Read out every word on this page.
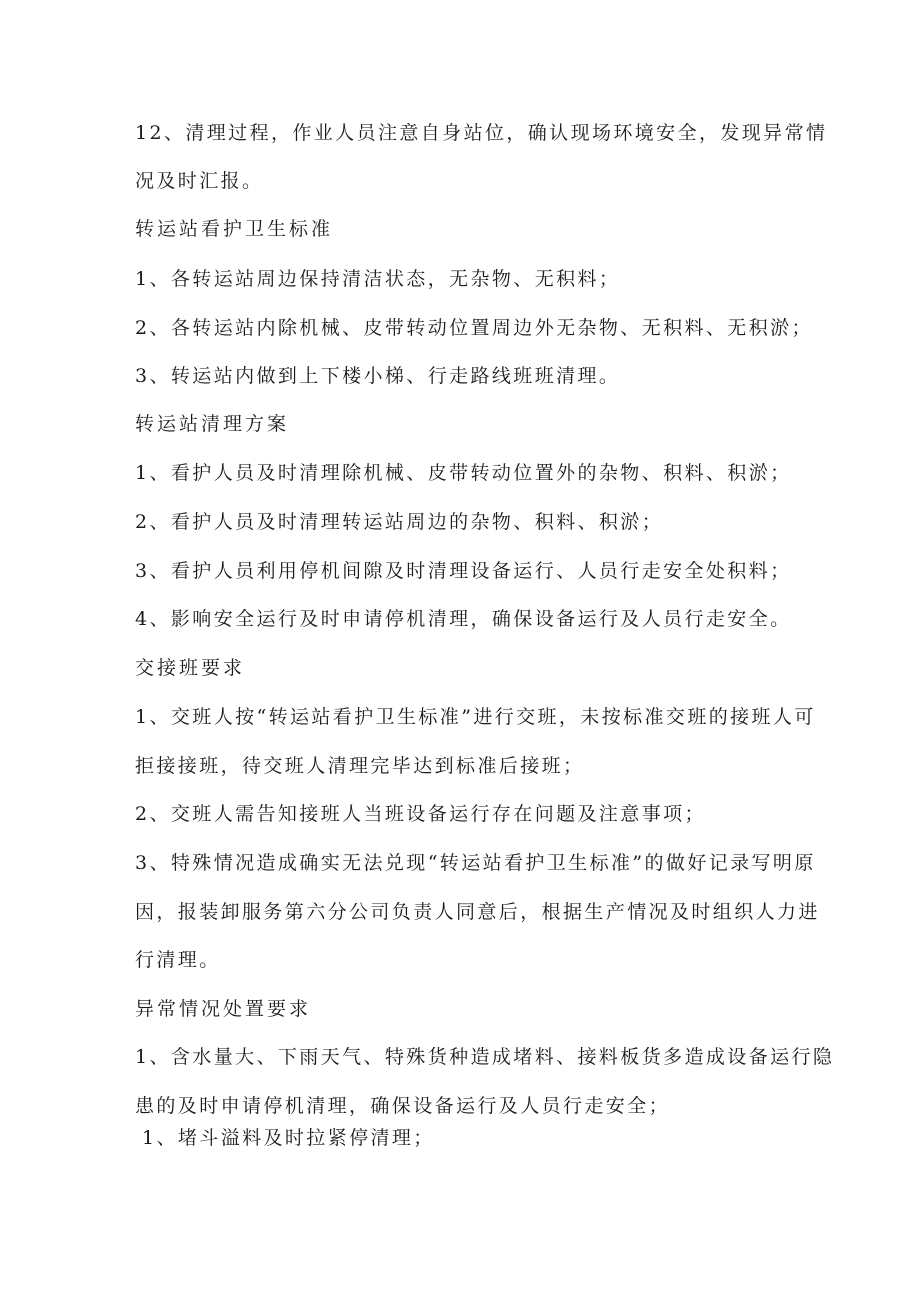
12、清理过程，作业人员注意自身站位，确认现场环境安全，发现异常情

况及时汇报。

转运站看护卫生标准

1、各转运站周边保持清洁状态，无杂物、无积料；

2、各转运站内除机械、皮带转动位置周边外无杂物、无积料、无积淤；

3、转运站内做到上下楼小梯、行走路线班班清理。

转运站清理方案

1、看护人员及时清理除机械、皮带转动位置外的杂物、积料、积淤；

2、看护人员及时清理转运站周边的杂物、积料、积淤；

3、看护人员利用停机间隙及时清理设备运行、人员行走安全处积料；

4、影响安全运行及时申请停机清理，确保设备运行及人员行走安全。

交接班要求

1、交班人按“转运站看护卫生标准”进行交班，未按标准交班的接班人可

拒接接班，待交班人清理完毕达到标准后接班；

2、交班人需告知接班人当班设备运行存在问题及注意事项；

3、特殊情况造成确实无法兑现“转运站看护卫生标准”的做好记录写明原

因，报装卸服务第六分公司负责人同意后，根据生产情况及时组织人力进

行清理。

异常情况处置要求

1、含水量大、下雨天气、特殊货种造成堵料、接料板货多造成设备运行隐

患的及时申请停机清理，确保设备运行及人员行走安全；

1、堵斗溢料及时拉紧停清理；
